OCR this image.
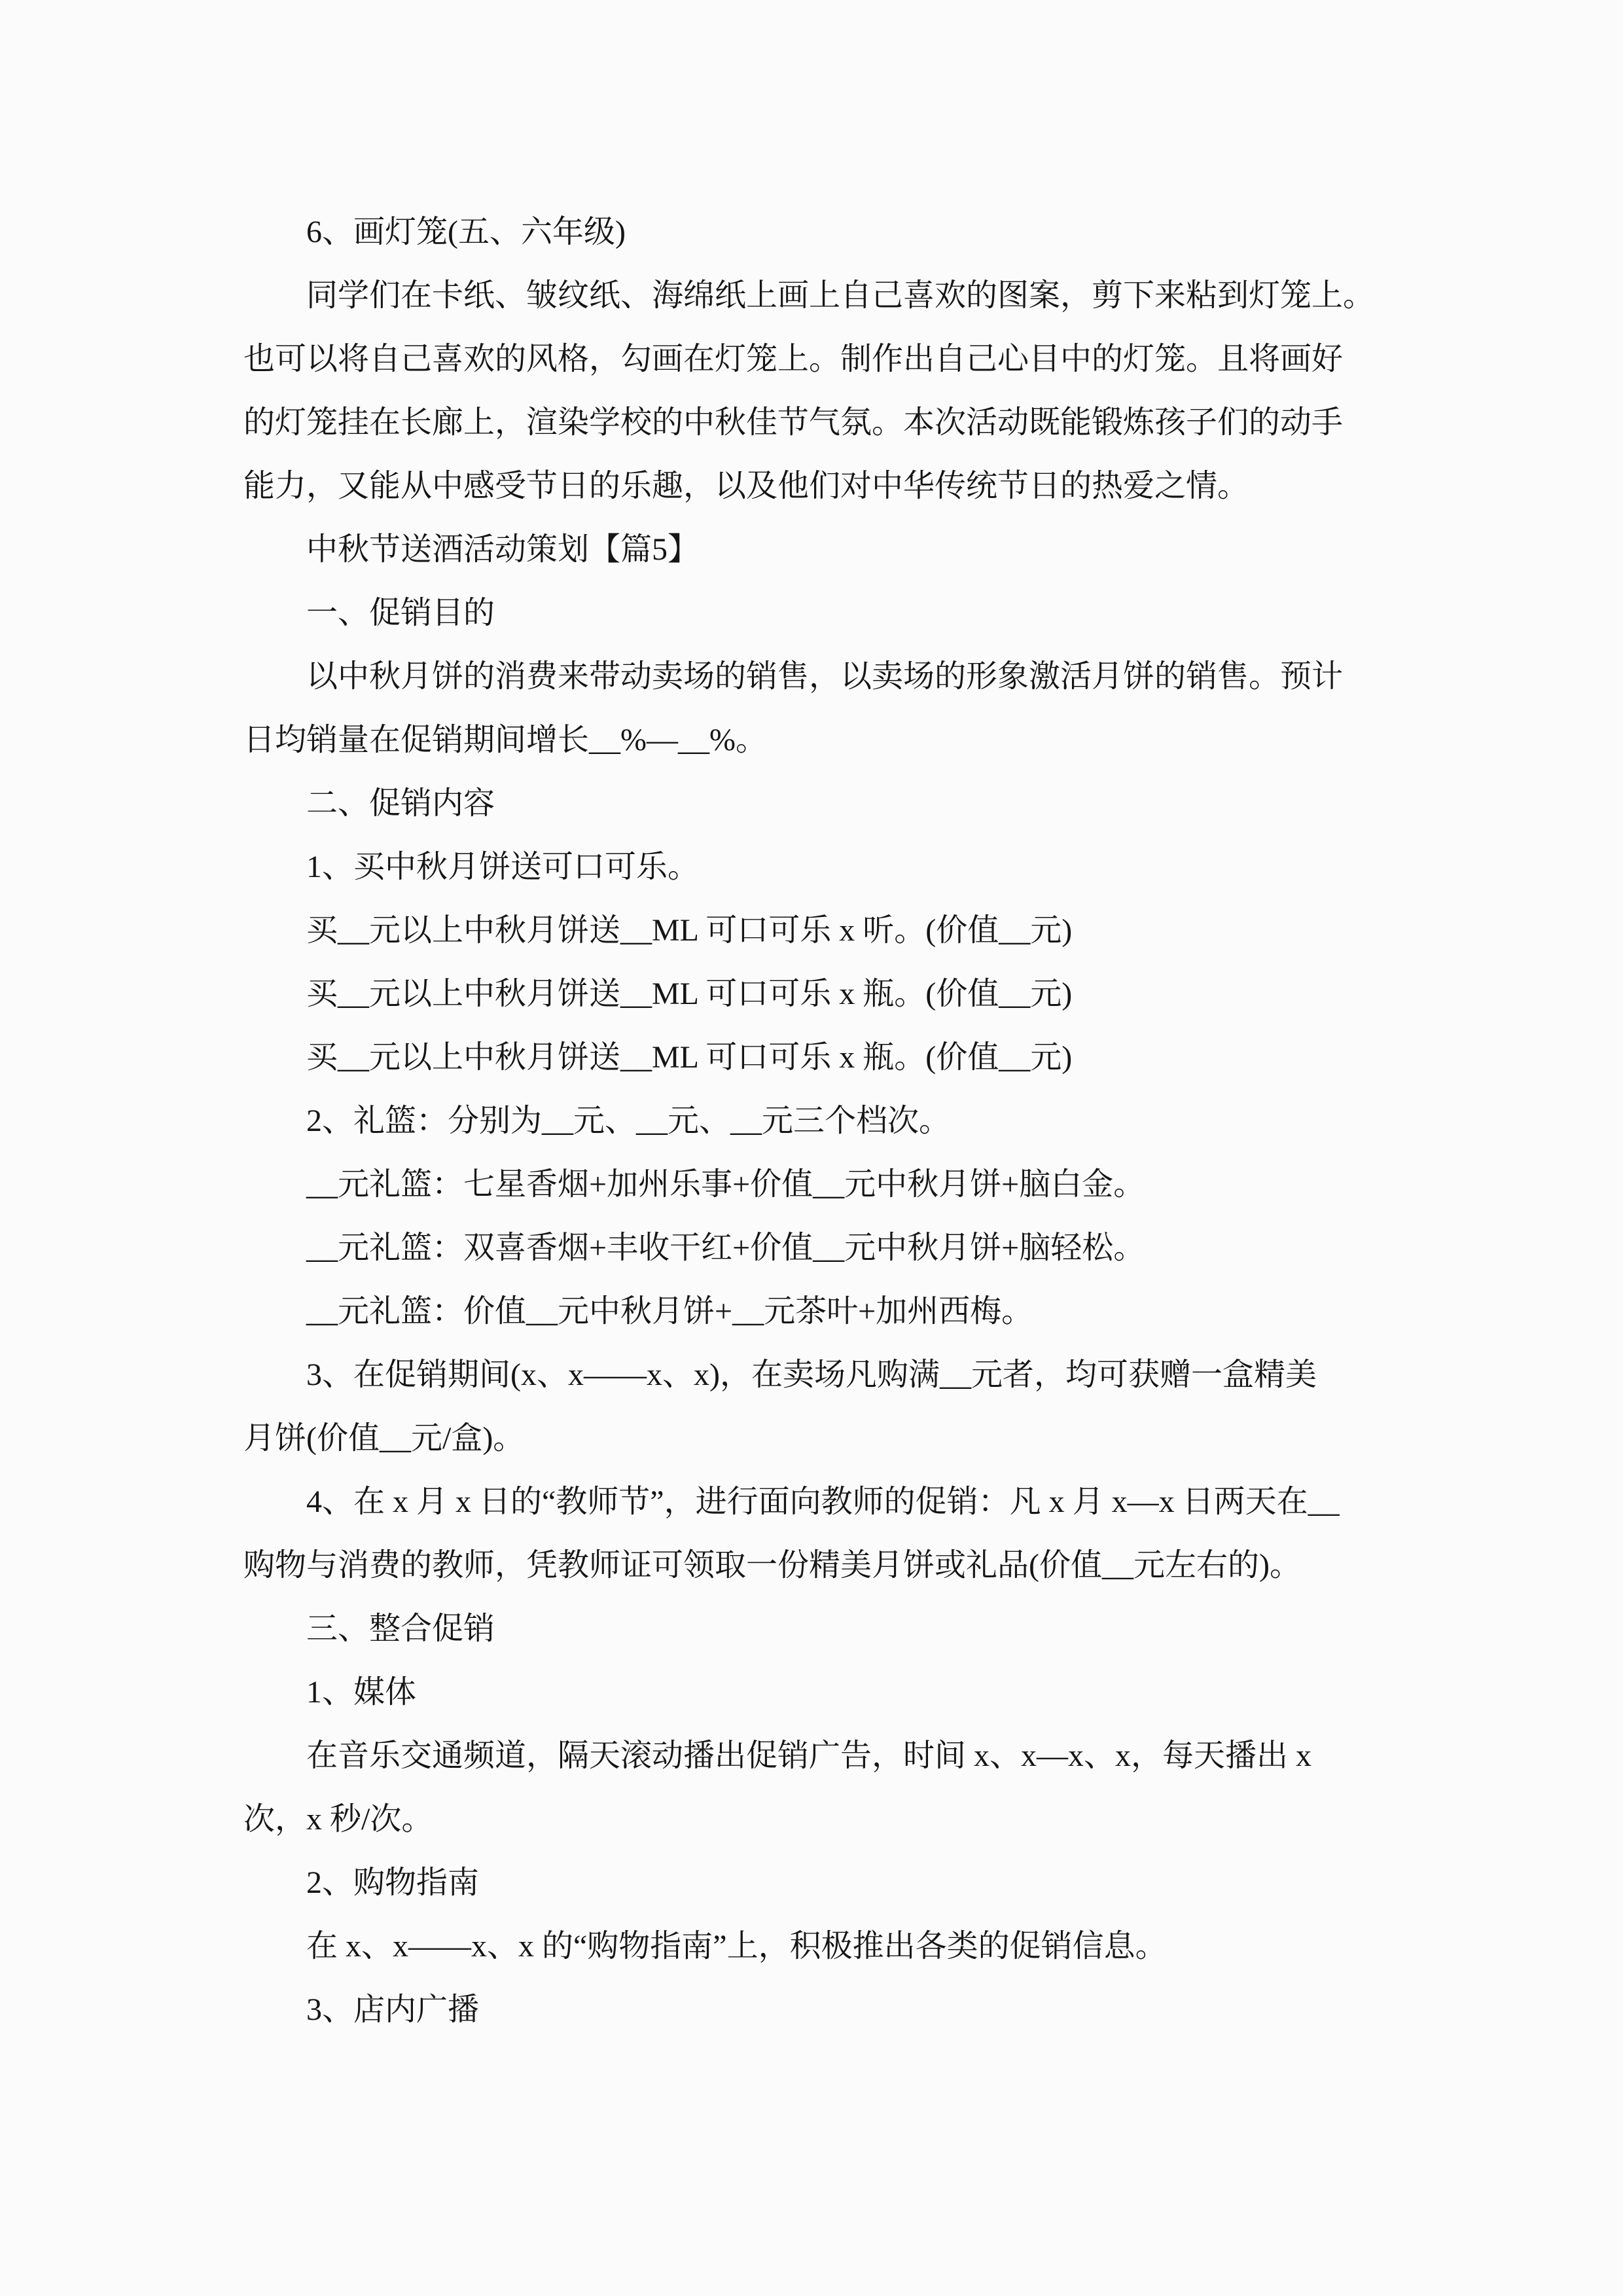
6、画灯笼(五、六年级)
同学们在卡纸、皱纹纸、海绵纸上画上自己喜欢的图案，剪下来粘到灯笼上。
也可以将自己喜欢的风格，勾画在灯笼上。制作出自己心目中的灯笼。且将画好
的灯笼挂在长廊上，渲染学校的中秋佳节气氛。本次活动既能锻炼孩子们的动手
能力，又能从中感受节日的乐趣，以及他们对中华传统节日的热爱之情。
中秋节送酒活动策划【篇5】
一、促销目的
以中秋月饼的消费来带动卖场的销售，以卖场的形象激活月饼的销售。预计
日均销量在促销期间增长__%—__%。
二、促销内容
1、买中秋月饼送可口可乐。
买__元以上中秋月饼送__ML 可口可乐 x 听。(价值__元)
买__元以上中秋月饼送__ML 可口可乐 x 瓶。(价值__元)
买__元以上中秋月饼送__ML 可口可乐 x 瓶。(价值__元)
2、礼篮：分别为__元、__元、__元三个档次。
__元礼篮：七星香烟+加州乐事+价值__元中秋月饼+脑白金。
__元礼篮：双喜香烟+丰收干红+价值__元中秋月饼+脑轻松。
__元礼篮：价值__元中秋月饼+__元茶叶+加州西梅。
3、在促销期间(x、x——x、x)，在卖场凡购满__元者，均可获赠一盒精美
月饼(价值__元/盒)。
4、在 x 月 x 日的“教师节”，进行面向教师的促销：凡 x 月 x—x 日两天在__
购物与消费的教师，凭教师证可领取一份精美月饼或礼品(价值__元左右的)。
三、整合促销
1、媒体
在音乐交通频道，隔天滚动播出促销广告，时间 x、x—x、x，每天播出 x
次，x 秒/次。
2、购物指南
在 x、x——x、x 的“购物指南”上，积极推出各类的促销信息。
3、店内广播
